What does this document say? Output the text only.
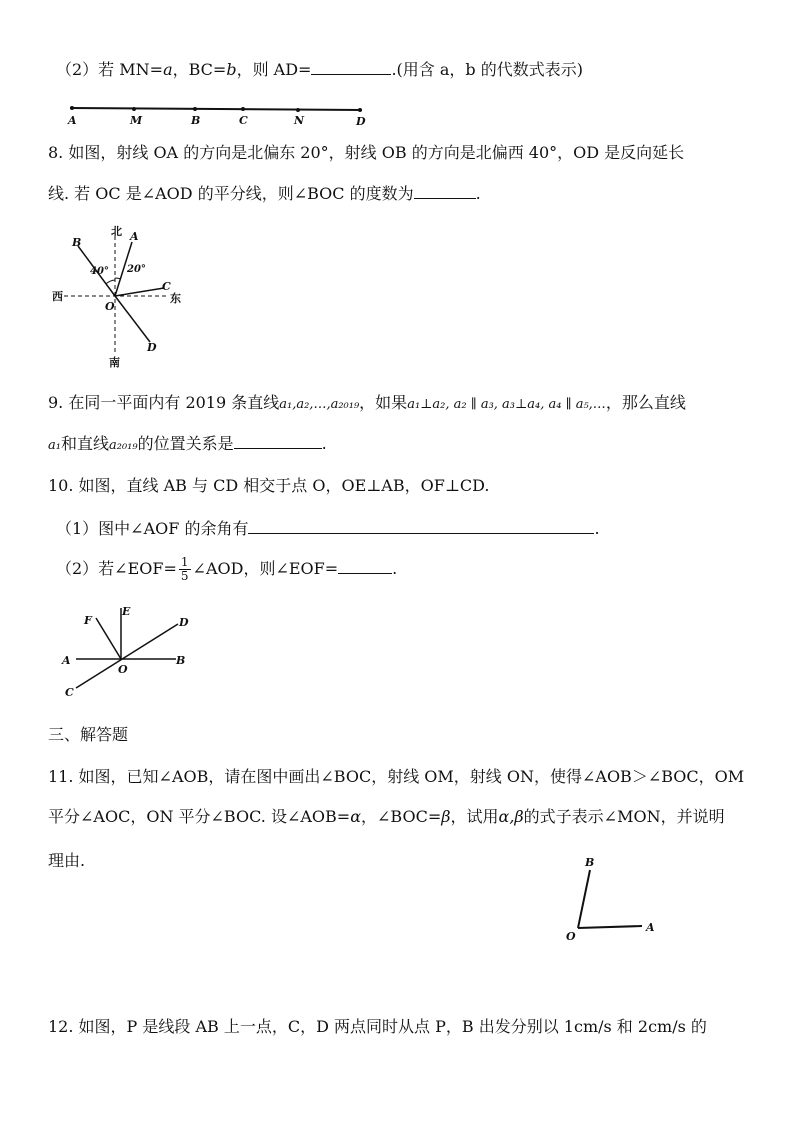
（2）若 MN=a，BC=b，则 AD=	.(用含 a，b 的代数式表示)
A	M	B	C	N	D
8. 如图，射线 OA 的方向是北偏东 20°，射线 OB 的方向是北偏西 40°，OD 是反向延长
线. 若 OC 是∠AOD 的平分线，则∠BOC 的度数为	.
北
南
西	东
40° 20°
A
B
C
D
O
9. 在同一平面内有 2019 条直线a₁,a₂,…,a₂₀₁₉，如果a₁⊥a₂, a₂ ∥ a₃, a₃⊥a₄, a₄ ∥ a₅,…，那么直线
a₁和直线a₂₀₁₉的位置关系是	.
10. 如图，直线 AB 与 CD 相交于点 O，OE⊥AB，OF⊥CD.
（1）图中∠AOF 的余角有	.
（2）若∠EOF= $\frac{1}{5}$ ∠AOD，则∠EOF=	.
F
E
D
A
O
B
C
三、解答题
11. 如图，已知∠AOB，请在图中画出∠BOC，射线 OM，射线 ON，使得∠AOB＞∠BOC，OM
平分∠AOC，ON 平分∠BOC. 设∠AOB=α，∠BOC=β，试用α,β的式子表示∠MON，并说明
理由.	B
O
A
12. 如图，P 是线段 AB 上一点，C，D 两点同时从点 P，B 出发分别以 1cm/s 和 2cm/s 的
